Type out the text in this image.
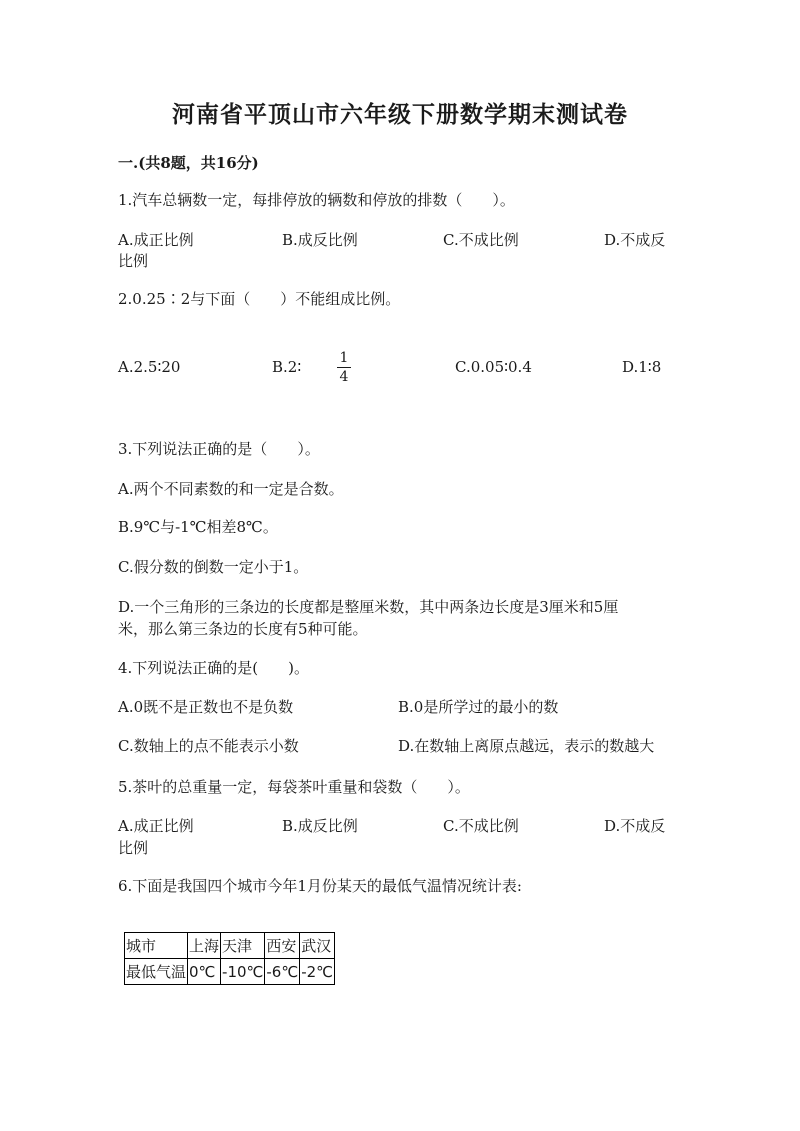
河南省平顶山市六年级下册数学期末测试卷
一.(共8题，共16分)
1.汽车总辆数一定，每排停放的辆数和停放的排数（　　）。
A.成正比例	B.成反比例	C.不成比例	D.不成反
比例
2.0.25∶2与下面（　　）不能组成比例。
A.2.5∶20	B.2∶	1
4
C.0.05∶0.4	D.1∶8
3.下列说法正确的是（　　）。
A.两个不同素数的和一定是合数。
B.9℃与-1℃相差8℃。
C.假分数的倒数一定小于1。
D.一个三角形的三条边的长度都是整厘米数，其中两条边长度是3厘米和5厘
米，那么第三条边的长度有5种可能。
4.下列说法正确的是(　　)。
A.0既不是正数也不是负数	B.0是所学过的最小的数
C.数轴上的点不能表示小数	D.在数轴上离原点越远，表示的数越大
5.茶叶的总重量一定，每袋茶叶重量和袋数（　　）。
A.成正比例	B.成反比例	C.不成比例	D.不成反
比例
6.下面是我国四个城市今年1月份某天的最低气温情况统计表:
城市	上海	天津	西安	武汉
最低气温	0℃	-10℃	-6℃	-2℃
